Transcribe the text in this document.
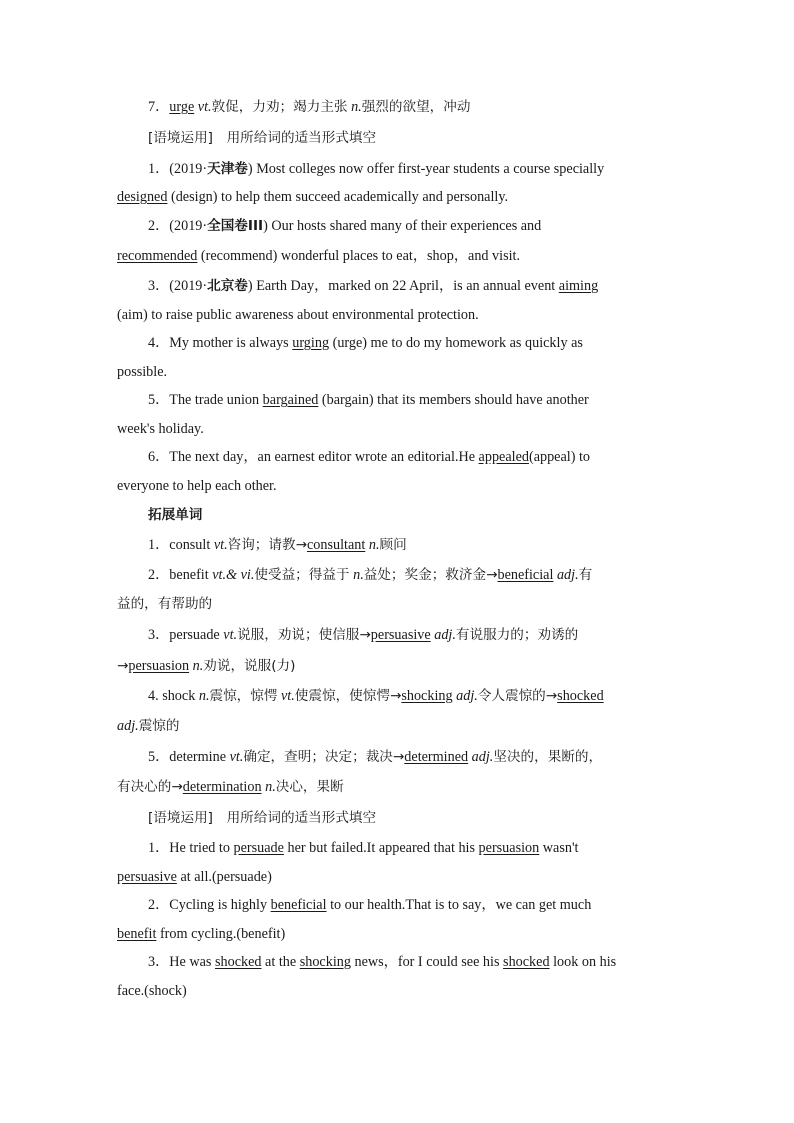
7．urge vt.敦促，力劝；竭力主张 n.强烈的欲望，冲动
[语境运用]　 用所给词的适当形式填空
1．(2019·天津卷) Most colleges now offer first-year students a course specially
designed (design) to help them succeed academically and personally.
2．(2019·全国卷III) Our hosts shared many of their experiences and
recommended (recommend) wonderful places to eat，shop，and visit.
3．(2019·北京卷) Earth Day，marked on 22 April，is an annual event aiming
(aim) to raise public awareness about environmental protection.
4．My mother is always urging (urge) me to do my homework as quickly as
possible.
5．The trade union bargained (bargain) that its members should have another
week's holiday.
6．The next day，an earnest editor wrote an editorial.He appealed(appeal) to
everyone to help each other.
拓展单词
1．consult vt.咨询；请教→consultant n.顾问
2．benefit vt.& vi.使受益；得益于 n.益处；奖金；救济金→beneficial adj.有
益的，有帮助的
3．persuade vt.说服，劝说；使信服→persuasive adj.有说服力的；劝诱的
→persuasion n.劝说，说服(力)
4. shock n.震惊，惊愕 vt.使震惊，使惊愕→shocking adj.令人震惊的→shocked
adj.震惊的
5．determine vt.确定，查明；决定；裁决→determined adj.坚决的，果断的，
有决心的→determination n.决心，果断
[语境运用]　 用所给词的适当形式填空
1．He tried to persuade her but failed.It appeared that his persuasion wasn't
persuasive at all.(persuade)
2．Cycling is highly beneficial to our health.That is to say，we can get much
benefit from cycling.(benefit)
3．He was shocked at the shocking news，for I could see his shocked look on his
face.(shock)
